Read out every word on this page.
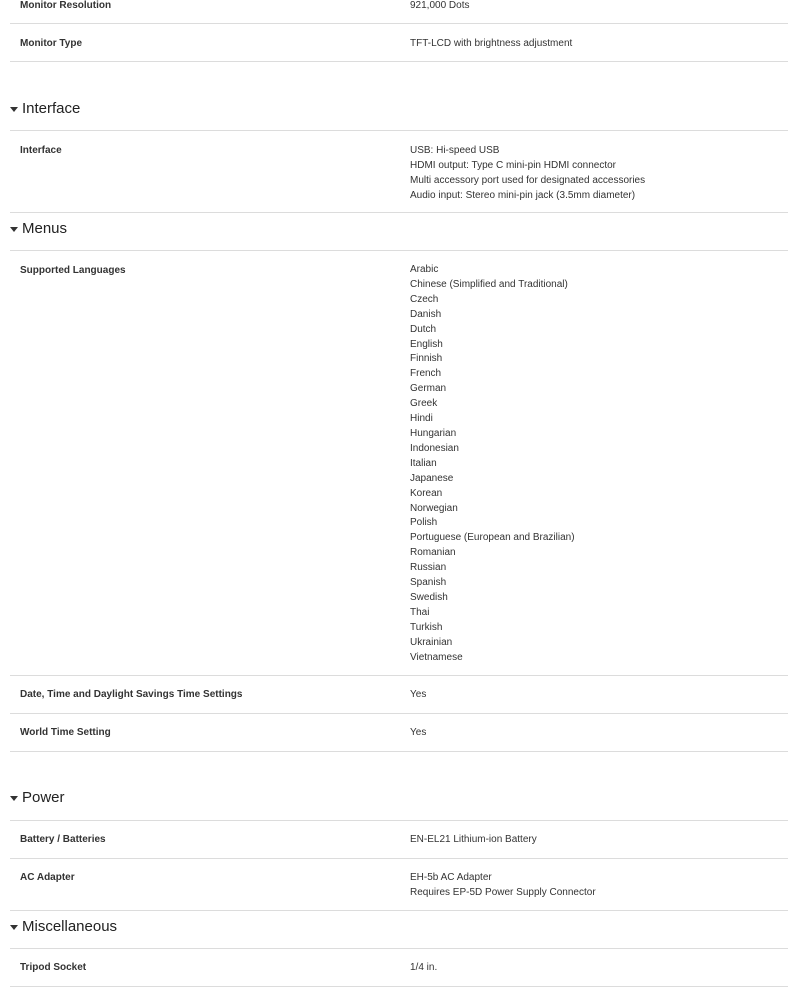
Monitor Resolution	921,000 Dots
Monitor Type	TFT-LCD with brightness adjustment
Interface
Interface	USB: Hi-speed USB
HDMI output: Type C mini-pin HDMI connector
Multi accessory port used for designated accessories
Audio input: Stereo mini-pin jack (3.5mm diameter)
Menus
Supported Languages	Arabic
Chinese (Simplified and Traditional)
Czech
Danish
Dutch
English
Finnish
French
German
Greek
Hindi
Hungarian
Indonesian
Italian
Japanese
Korean
Norwegian
Polish
Portuguese (European and Brazilian)
Romanian
Russian
Spanish
Swedish
Thai
Turkish
Ukrainian
Vietnamese
Date, Time and Daylight Savings Time Settings	Yes
World Time Setting	Yes
Power
Battery / Batteries	EN-EL21 Lithium-ion Battery
AC Adapter	EH-5b AC Adapter
Requires EP-5D Power Supply Connector
Miscellaneous
Tripod Socket	1/4 in.
